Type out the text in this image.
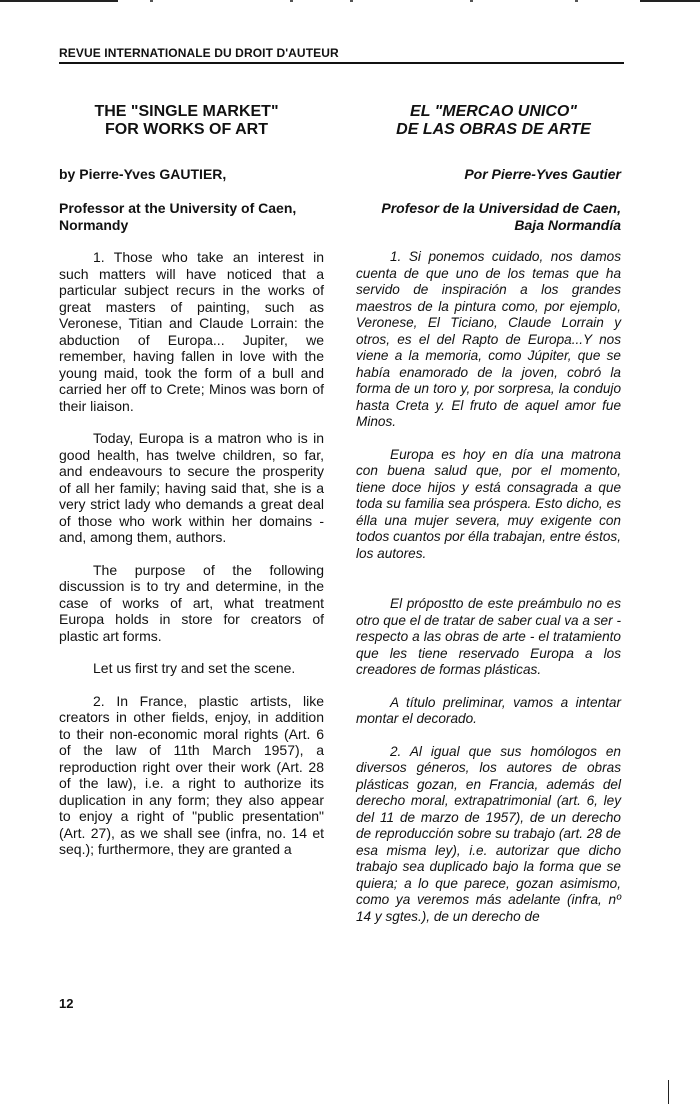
REVUE INTERNATIONALE DU DROIT D'AUTEUR
THE "SINGLE MARKET"
FOR WORKS OF ART
by Pierre-Yves GAUTIER,
Professor at the University of Caen, Normandy
1. Those who take an interest in such matters will have noticed that a particular subject recurs in the works of great masters of painting, such as Veronese, Titian and Claude Lorrain: the abduction of Europa... Jupiter, we remember, having fallen in love with the young maid, took the form of a bull and carried her off to Crete; Minos was born of their liaison.
Today, Europa is a matron who is in good health, has twelve children, so far, and endeavours to secure the prosperity of all her family; having said that, she is a very strict lady who demands a great deal of those who work within her domains - and, among them, authors.
The purpose of the following discussion is to try and determine, in the case of works of art, what treatment Europa holds in store for creators of plastic art forms.
Let us first try and set the scene.
2. In France, plastic artists, like creators in other fields, enjoy, in addition to their non-economic moral rights (Art. 6 of the law of 11th March 1957), a reproduction right over their work (Art. 28 of the law), i.e. a right to authorize its duplication in any form; they also appear to enjoy a right of "public presentation" (Art. 27), as we shall see (infra, no. 14 et seq.); furthermore, they are granted a
EL "MERCAO UNICO"
DE LAS OBRAS DE ARTE
Por Pierre-Yves Gautier
Profesor de la Universidad de Caen, Baja Normandía
1. Si ponemos cuidado, nos damos cuenta de que uno de los temas que ha servido de inspiración a los grandes maestros de la pintura como, por ejemplo, Veronese, El Ticiano, Claude Lorrain y otros, es el del Rapto de Europa...Y nos viene a la memoria, como Júpiter, que se había enamorado de la joven, cobró la forma de un toro y, por sorpresa, la condujo hasta Creta y. El fruto de aquel amor fue Minos.
Europa es hoy en día una matrona con buena salud que, por el momento, tiene doce hijos y está consagrada a que toda su familia sea próspera. Esto dicho, es élla una mujer severa, muy exigente con todos cuantos por élla trabajan, entre éstos, los autores.
El própostto de este preámbulo no es otro que el de tratar de saber cual va a ser -respecto a las obras de arte - el tratamiento que les tiene reservado Europa a los creadores de formas plásticas.
A título preliminar, vamos a intentar montar el decorado.
2. Al igual que sus homólogos en diversos géneros, los autores de obras plásticas gozan, en Francia, además del derecho moral, extrapatrimonial (art. 6, ley del 11 de marzo de 1957), de un derecho de reproducción sobre su trabajo (art. 28 de esa misma ley), i.e. autorizar que dicho trabajo sea duplicado bajo la forma que se quiera; a lo que parece, gozan asimismo, como ya veremos más adelante (infra, nº 14 y sgtes.), de un derecho de
12
